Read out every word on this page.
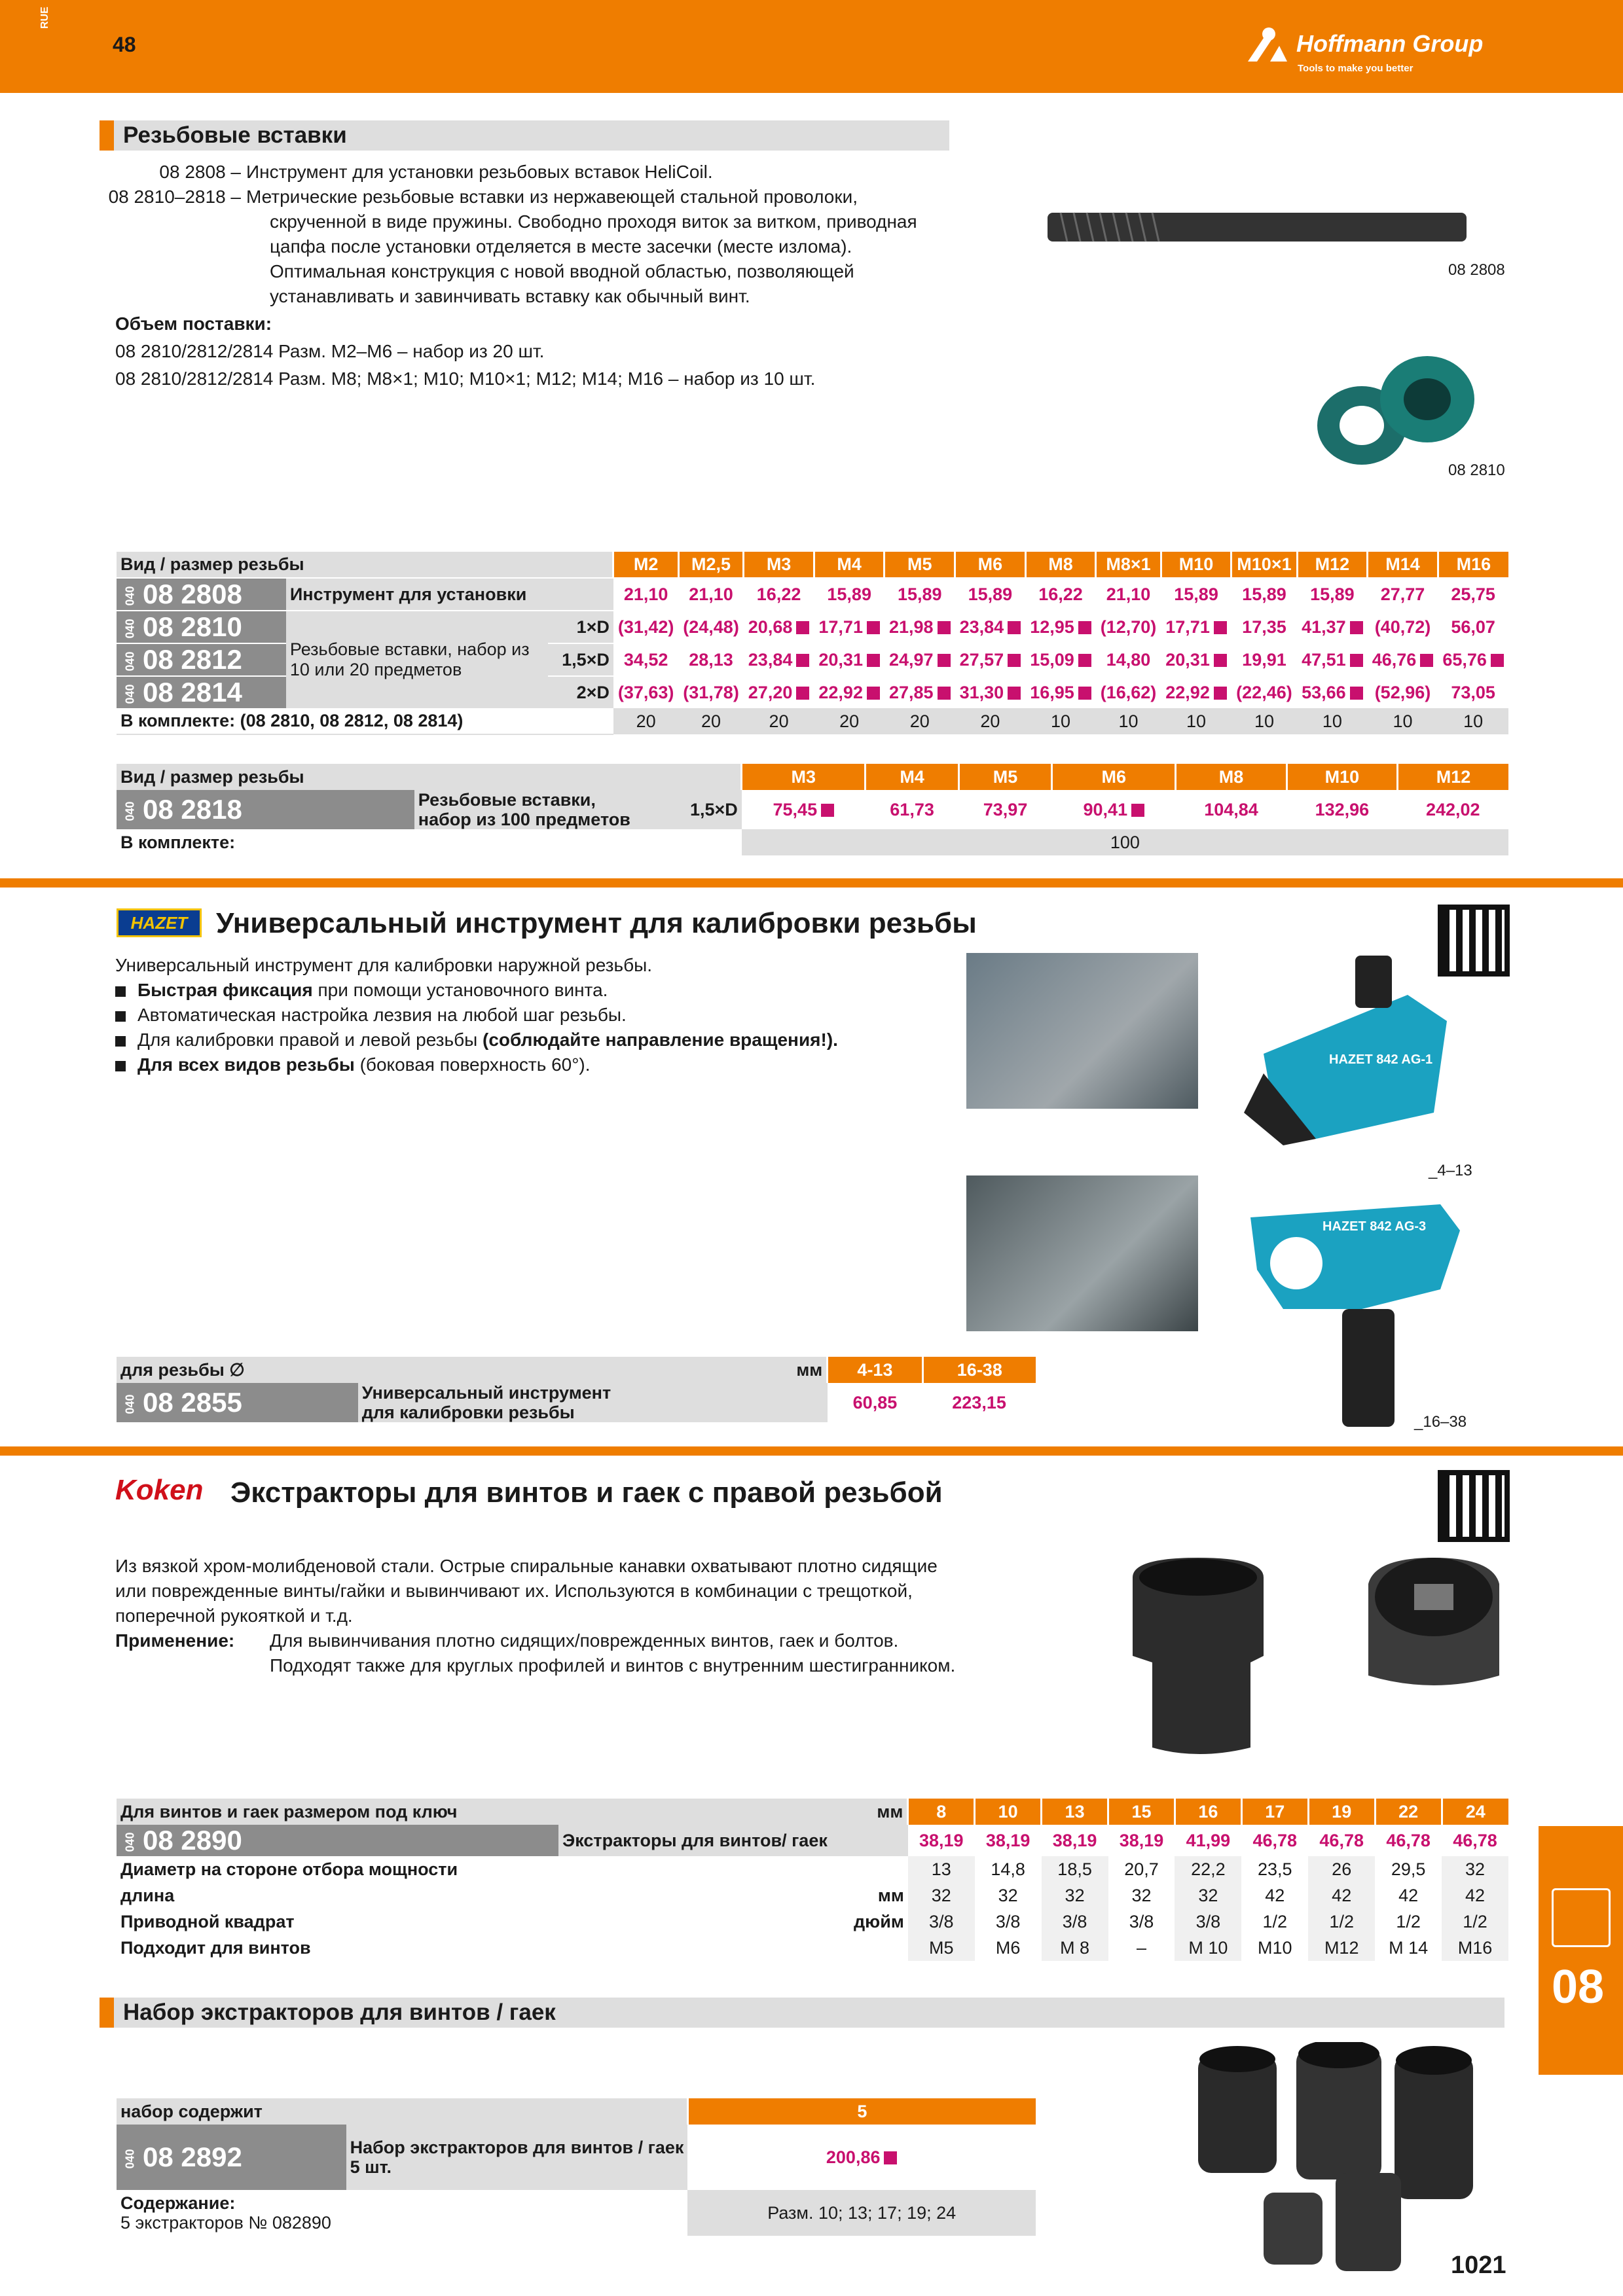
RUE
48	Hoffmann Group
Tools to make you better
Резьбовые вставки
08 2808 – Инструмент для установки резьбовых вставок HeliCoil.
08 2810–2818 – Метрические резьбовые вставки из нержавеющей стальной проволоки,
скрученной в виде пружины. Свободно проходя виток за витком, приводная
цапфа после установки отделяется в месте засечки (месте излома).
Оптимальная конструкция с новой вводной областью, позволяющей
устанавливать и завинчивать вставку как обычный винт.
Объем поставки:
08 2810/2812/2814 Разм. M2–M6 – набор из 20 шт.
08 2810/2812/2814 Разм. M8; M8×1; M10; M10×1; M12; M14; M16 – набор из 10 шт.
08 2808
08 2810
Вид / размер резьбы			M2	M2,5	M3	M4	M5	M6	M8	M8×1	M10	M10×1	M12	M14	M16
040 08 2808	Инструмент для установки		21,10	21,10	16,22	15,89	15,89	15,89	16,22	21,10	15,89	15,89	15,89	27,77	25,75
040 08 2810	Резьбовые вставки, набор из 10 или 20 предметов	1×D	(31,42)	(24,48)	20,68	17,71	21,98	23,84	12,95	(12,70)	17,71	17,35	41,37	(40,72)	56,07
040 08 2812		1,5×D	34,52	28,13	23,84	20,31	24,97	27,57	15,09	14,80	20,31	19,91	47,51	46,76	65,76
040 08 2814		2×D	(37,63)	(31,78)	27,20	22,92	27,85	31,30	16,95	(16,62)	22,92	(22,46)	53,66	(52,96)	73,05
В комплекте: (08 2810, 08 2812, 08 2814)			20	20	20	20	20	20	10	10	10	10	10	10	10
Вид / размер резьбы			M3	M4	M5	M6	M8	M10	M12
040 08 2818	Резьбовые вставки,
набор из 100 предметов	1,5×D	75,45	61,73	73,97	90,41	104,84	132,96	242,02
В комплекте:			100						
HAZET Универсальный инструмент для калибровки резьбы
Универсальный инструмент для калибровки наружной резьбы.
Быстрая фиксация при помощи установочного винта.
Автоматическая настройка лезвия на любой шаг резьбы.
Для калибровки правой и левой резьбы (соблюдайте направление вращения!).
Для всех видов резьбы (боковая поверхность 60°).	HAZET 842 AG-1
_4–13
HAZET 842 AG-3
_16–38
для резьбы ∅	мм	4-13	16-38
040 08 2855	Универсальный инструмент
для калибровки резьбы	60,85	223,15
Koken Экстракторы для винтов и гаек с правой резьбой
Из вязкой хром-молибденовой стали. Острые спиральные канавки охватывают плотно сидящие
или поврежденные винты/гайки и вывинчивают их. Используются в комбинации с трещоткой,
поперечной рукояткой и т.д.
Применение:	Для вывинчивания плотно сидящих/поврежденных винтов, гаек и болтов.
Подходят также для круглых профилей и винтов с внутренним шестигранником.
Для винтов и гаек размером под ключ	мм	8	10	13	15	16	17	19	22	24
040 08 2890	Экстракторы для винтов/ гаек	38,19	38,19	38,19	38,19	41,99	46,78	46,78	46,78	46,78
Диаметр на стороне отбора мощности		13	14,8	18,5	20,7	22,2	23,5	26	29,5	32
длина	мм	32	32	32	32	32	42	42	42	42
Приводной квадрат	дюйм	3/8	3/8	3/8	3/8	3/8	1/2	1/2	1/2	1/2
Подходит для винтов		M5	M6	M 8	–	M 10	M10	M12	M 14	M16
Набор экстракторов для винтов / гаек
набор содержит		5
040 08 2892	Набор экстракторов для винтов / гаек
5 шт.	200,86

Содержание:
5 экстракторов № 082890		Разм. 10; 13; 17; 19; 24
08
1021
